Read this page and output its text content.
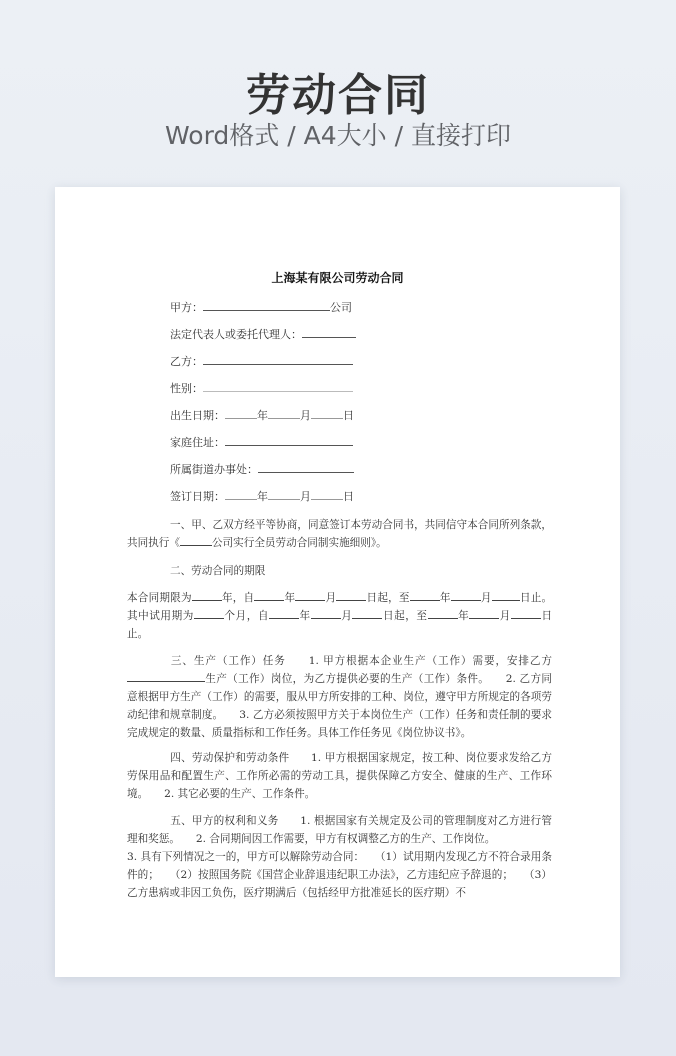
劳动合同
Word格式 / A4大小 / 直接打印
上海某有限公司劳动合同
甲方：	公司
法定代表人或委托代理人：
乙方：
性别：
出生日期：	年	月	日
家庭住址：
所属街道办事处：
签订日期：	年	月	日
一、甲、乙双方经平等协商，同意签订本劳动合同书，共同信守本合同所列条款，共同执行《	公司实行全员劳动合同制实施细则》。
二、劳动合同的期限
本合同期限为	年，自	年	月	日起，至	年	月	日止。其中试用期为	个月，自	年	月	日起，至	年	月	日止。
三、生产（工作）任务　　1. 甲方根据本企业生产（工作）需要，安排乙方生产（工作）岗位，为乙方提供必要的生产（工作）条件。　　2. 乙方同意根据甲方生产（工作）的需要，服从甲方所安排的工种、岗位，遵守甲方所规定的各项劳动纪律和规章制度。　　3. 乙方必须按照甲方关于本岗位生产（工作）任务和责任制的要求完成规定的数量、质量指标和工作任务。具体工作任务见《岗位协议书》。
四、劳动保护和劳动条件　　1. 甲方根据国家规定，按工种、岗位要求发给乙方劳保用品和配置生产、工作所必需的劳动工具，提供保障乙方安全、健康的生产、工作环境。　　2. 其它必要的生产、工作条件。
五、甲方的权利和义务　　1. 根据国家有关规定及公司的管理制度对乙方进行管理和奖惩。　　2. 合同期间因工作需要，甲方有权调整乙方的生产、工作岗位。
3. 具有下列情况之一的，甲方可以解除劳动合同：　　（1）试用期内发现乙方不符合录用条件的；　　（2）按照国务院《国营企业辞退违纪职工办法》，乙方违纪应予辞退的；　　（3）乙方患病或非因工负伤，医疗期满后（包括经甲方批准延长的医疗期）不
